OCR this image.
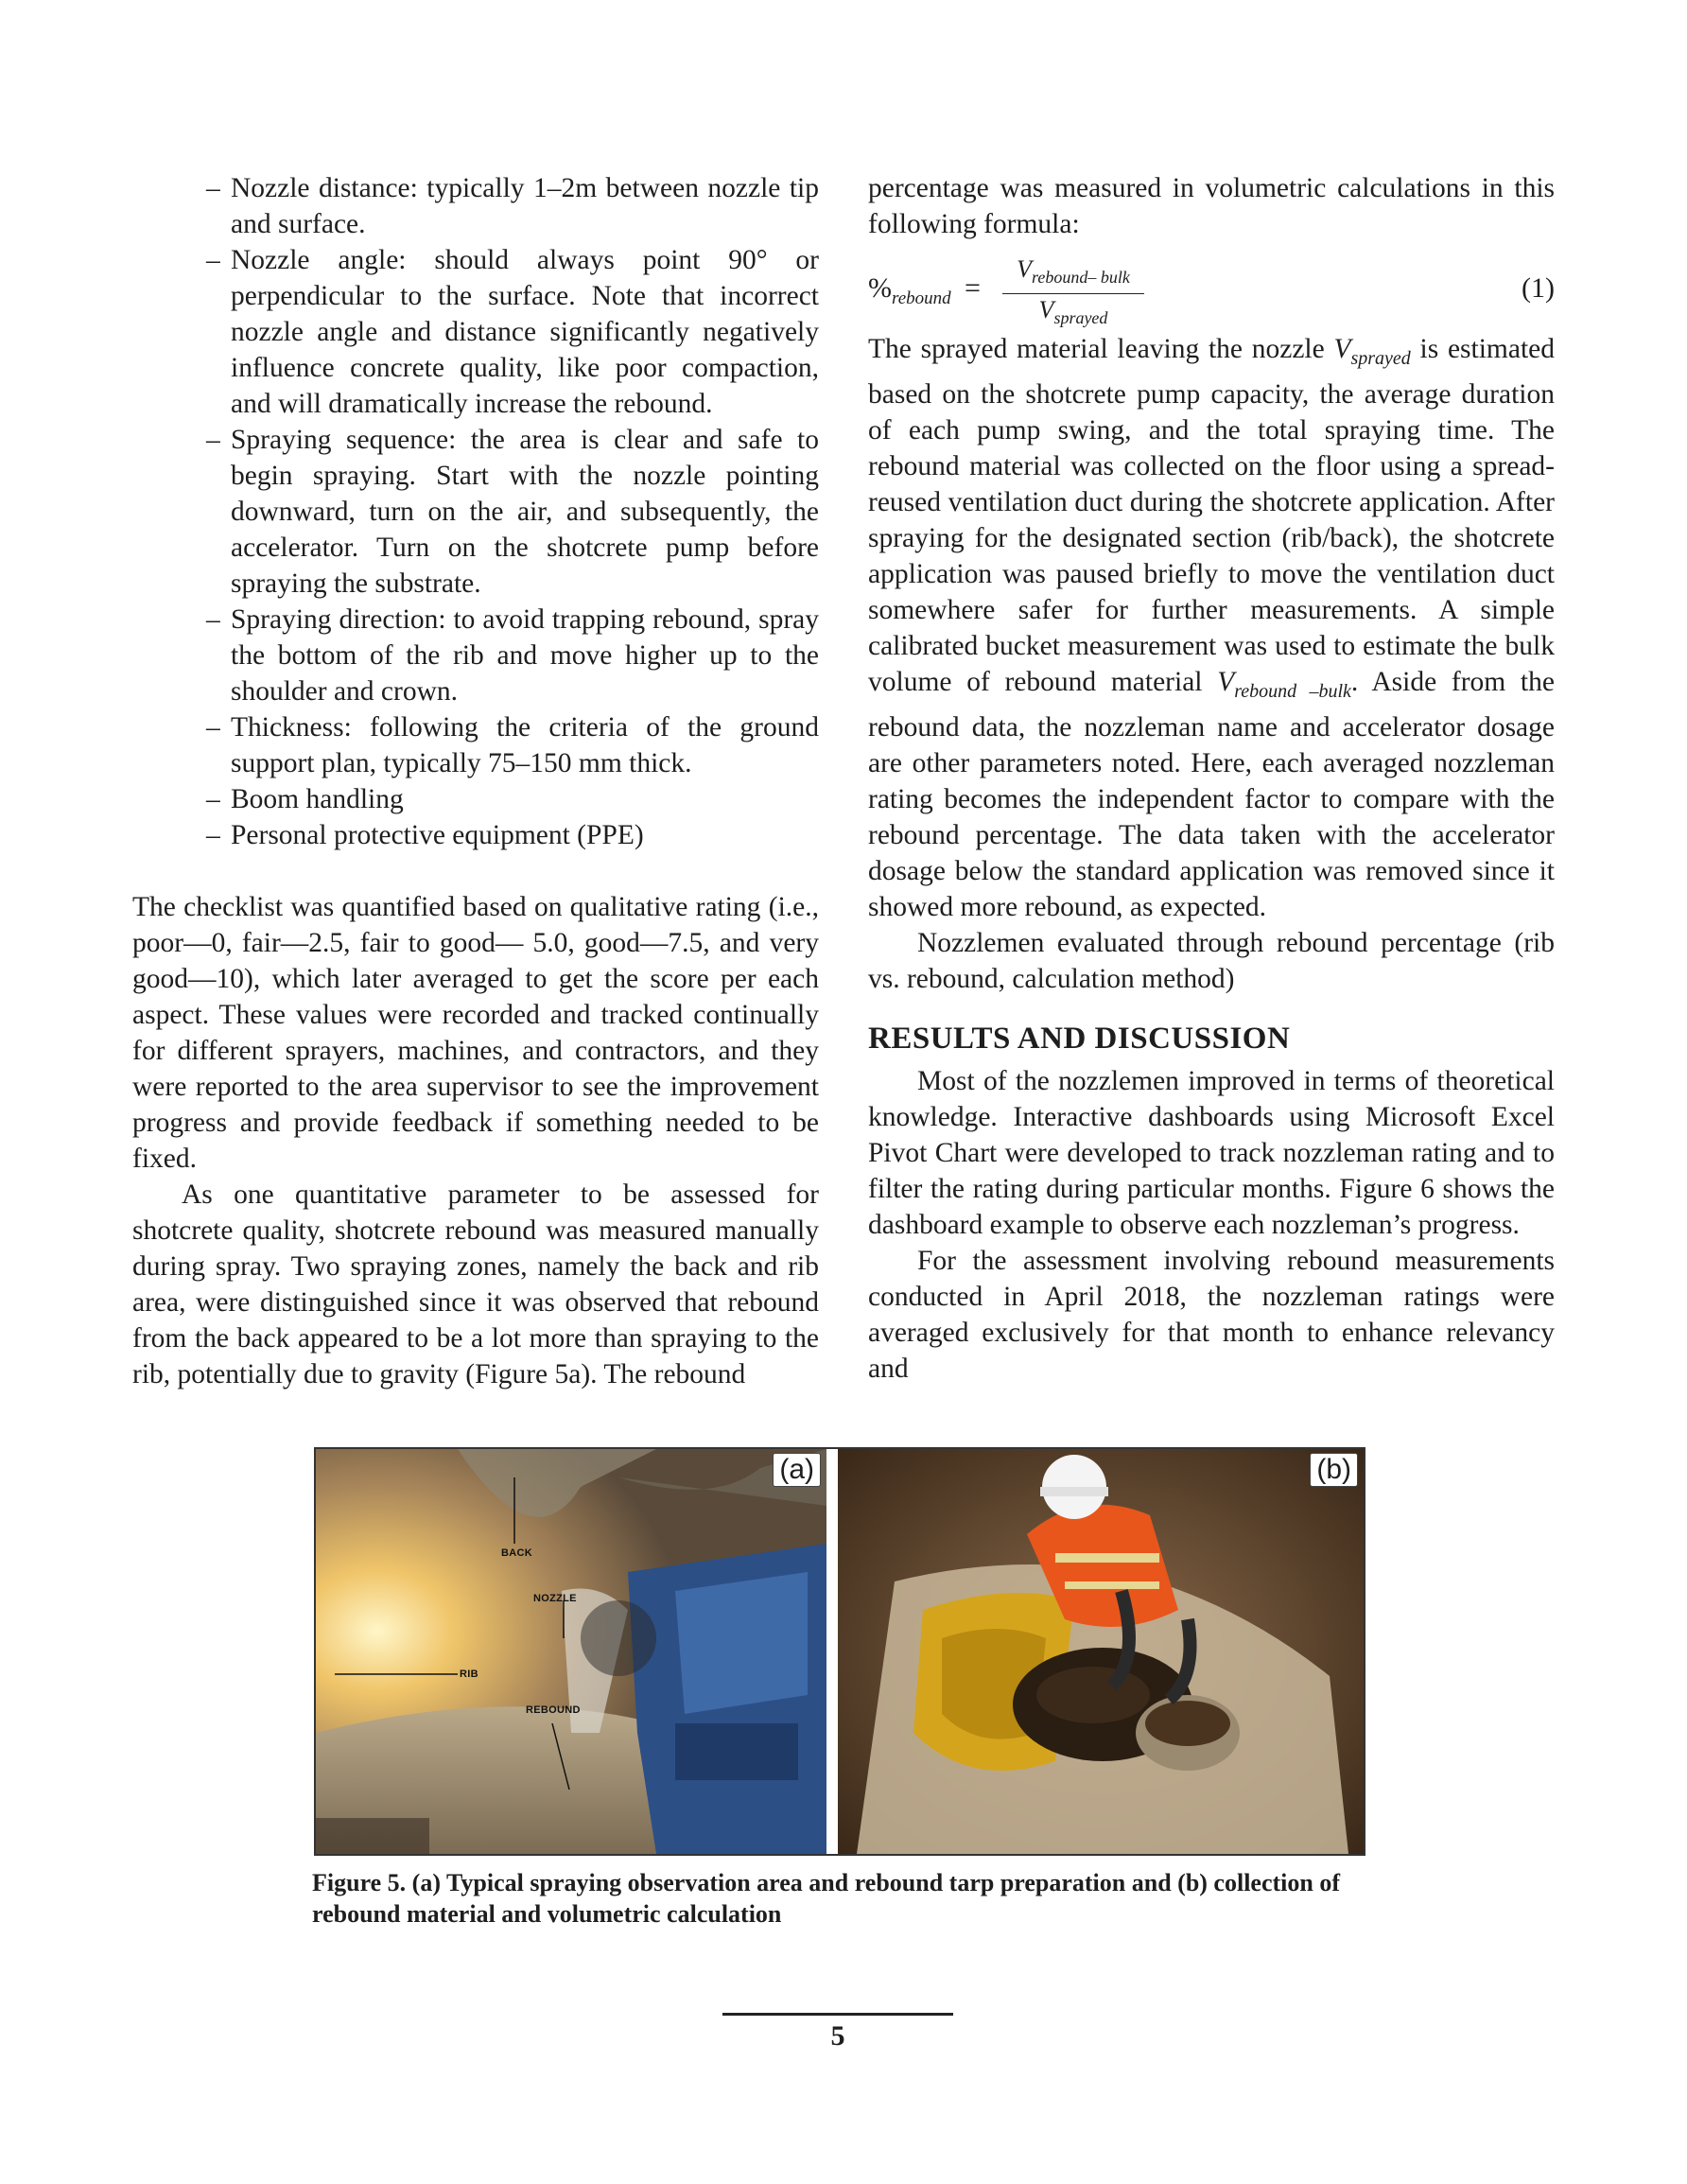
– Nozzle distance: typically 1–2m between nozzle tip and surface.
– Nozzle angle: should always point 90° or perpendicular to the surface. Note that incorrect nozzle angle and distance significantly negatively influence concrete quality, like poor compaction, and will dramatically increase the rebound.
– Spraying sequence: the area is clear and safe to begin spraying. Start with the nozzle pointing downward, turn on the air, and subsequently, the accelerator. Turn on the shotcrete pump before spraying the substrate.
– Spraying direction: to avoid trapping rebound, spray the bottom of the rib and move higher up to the shoulder and crown.
– Thickness: following the criteria of the ground support plan, typically 75–150 mm thick.
– Boom handling
– Personal protective equipment (PPE)

The checklist was quantified based on qualitative rating (i.e., poor—0, fair—2.5, fair to good— 5.0, good—7.5, and very good—10), which later averaged to get the score per each aspect. These values were recorded and tracked continually for different sprayers, machines, and contractors, and they were reported to the area supervisor to see the improvement progress and provide feedback if something needed to be fixed.

As one quantitative parameter to be assessed for shotcrete quality, shotcrete rebound was measured manually during spray. Two spraying zones, namely the back and rib area, were distinguished since it was observed that rebound from the back appeared to be a lot more than spraying to the rib, potentially due to gravity (Figure 5a). The rebound

percentage was measured in volumetric calculations in this following formula:

$\%_{rebound}$ =
$V_{rebound- bulk}$
$V_{sprayed}$
(1)

The sprayed material leaving the nozzle $V_{sprayed}$ is estimated based on the shotcrete pump capacity, the average duration of each pump swing, and the total spraying time. The rebound material was collected on the floor using a spread-reused ventilation duct during the shotcrete application. After spraying for the designated section (rib/back), the shotcrete application was paused briefly to move the ventilation duct somewhere safer for further measurements. A simple calibrated bucket measurement was used to estimate the bulk volume of rebound material $V_{rebound -bulk}$. Aside from the rebound data, the nozzleman name and accelerator dosage are other parameters noted. Here, each averaged nozzleman rating becomes the independent factor to compare with the rebound percentage. The data taken with the accelerator dosage below the standard application was removed since it showed more rebound, as expected.

Nozzlemen evaluated through rebound percentage (rib vs. rebound, calculation method)

RESULTS AND DISCUSSION

Most of the nozzlemen improved in terms of theoretical knowledge. Interactive dashboards using Microsoft Excel Pivot Chart were developed to track nozzleman rating and to filter the rating during particular months. Figure 6 shows the dashboard example to observe each nozzleman’s progress.

For the assessment involving rebound measurements conducted in April 2018, the nozzleman ratings were averaged exclusively for that month to enhance relevancy and

BACK
NOZZLE
RIB
REBOUND
(a)	(b)
Figure 5. (a) Typical spraying observation area and rebound tarp preparation and (b) collection of rebound material and volumetric calculation
5
